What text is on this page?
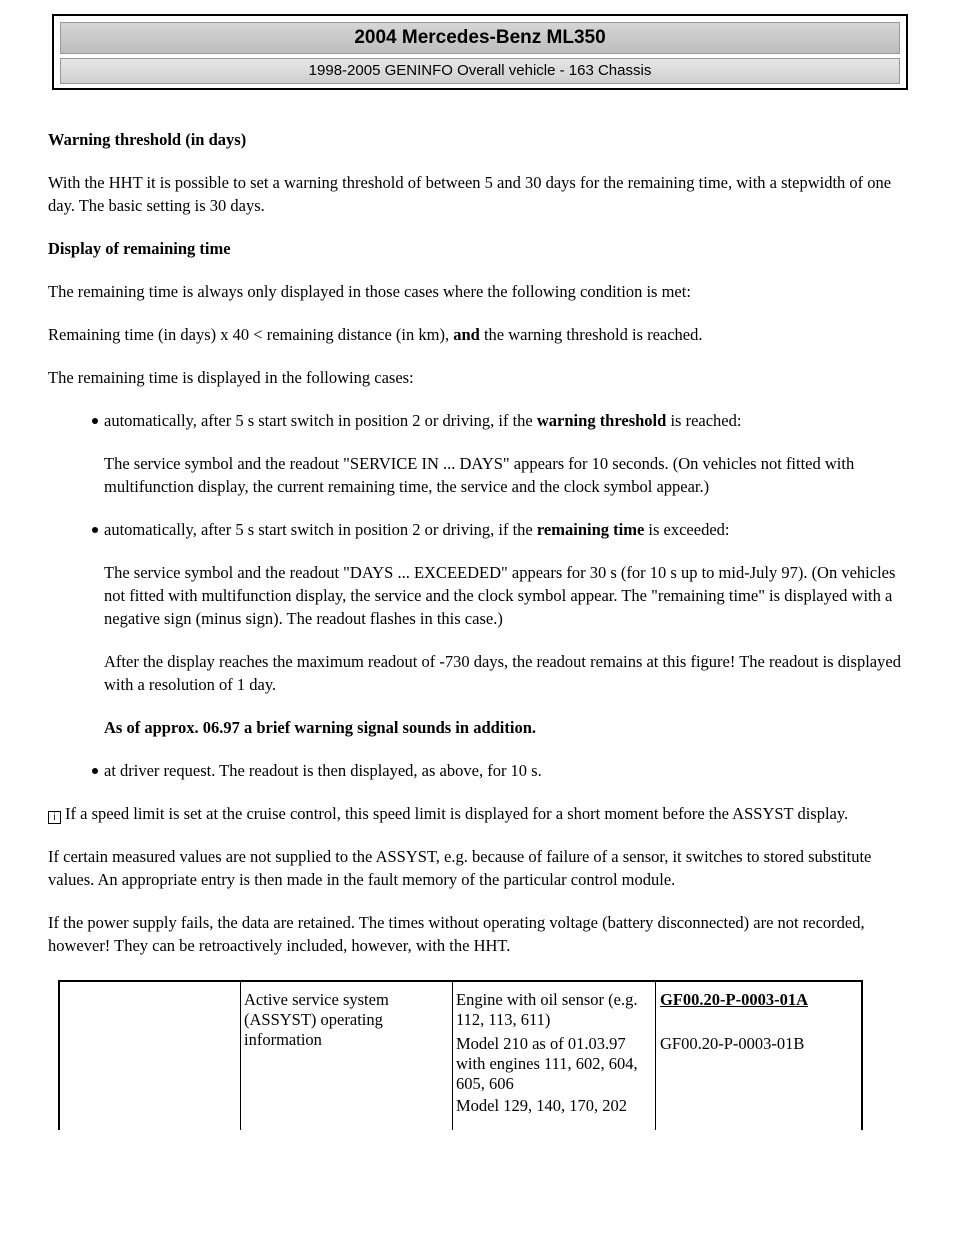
2004 Mercedes-Benz ML350
1998-2005 GENINFO Overall vehicle - 163 Chassis

Warning threshold (in days)

With the HHT it is possible to set a warning threshold of between 5 and 30 days for the remaining time, with a stepwidth of one day. The basic setting is 30 days.

Display of remaining time

The remaining time is always only displayed in those cases where the following condition is met:

Remaining time (in days) x 40 < remaining distance (in km), and the warning threshold is reached.

The remaining time is displayed in the following cases:

automatically, after 5 s start switch in position 2 or driving, if the warning threshold is reached:

The service symbol and the readout "SERVICE IN ... DAYS" appears for 10 seconds. (On vehicles not fitted with multifunction display, the current remaining time, the service and the clock symbol appear.)

automatically, after 5 s start switch in position 2 or driving, if the remaining time is exceeded:

The service symbol and the readout "DAYS ... EXCEEDED" appears for 30 s (for 10 s up to mid-July 97). (On vehicles not fitted with multifunction display, the service and the clock symbol appear. The "remaining time" is displayed with a negative sign (minus sign). The readout flashes in this case.)

After the display reaches the maximum readout of -730 days, the readout remains at this figure! The readout is displayed with a resolution of 1 day.

As of approx. 06.97 a brief warning signal sounds in addition.

at driver request. The readout is then displayed, as above, for 10 s.

i If a speed limit is set at the cruise control, this speed limit is displayed for a short moment before the ASSYST display.

If certain measured values are not supplied to the ASSYST, e.g. because of failure of a sensor, it switches to stored substitute values. An appropriate entry is then made in the fault memory of the particular control module.

If the power supply fails, the data are retained. The times without operating voltage (battery disconnected) are not recorded, however! They can be retroactively included, however, with the HHT.

Active service system (ASSYST) operating information
Engine with oil sensor (e.g. 112, 113, 611)
GF00.20-P-0003-01A
Model 210 as of 01.03.97 with engines 111, 602, 604, 605, 606
Model 129, 140, 170, 202
GF00.20-P-0003-01B
